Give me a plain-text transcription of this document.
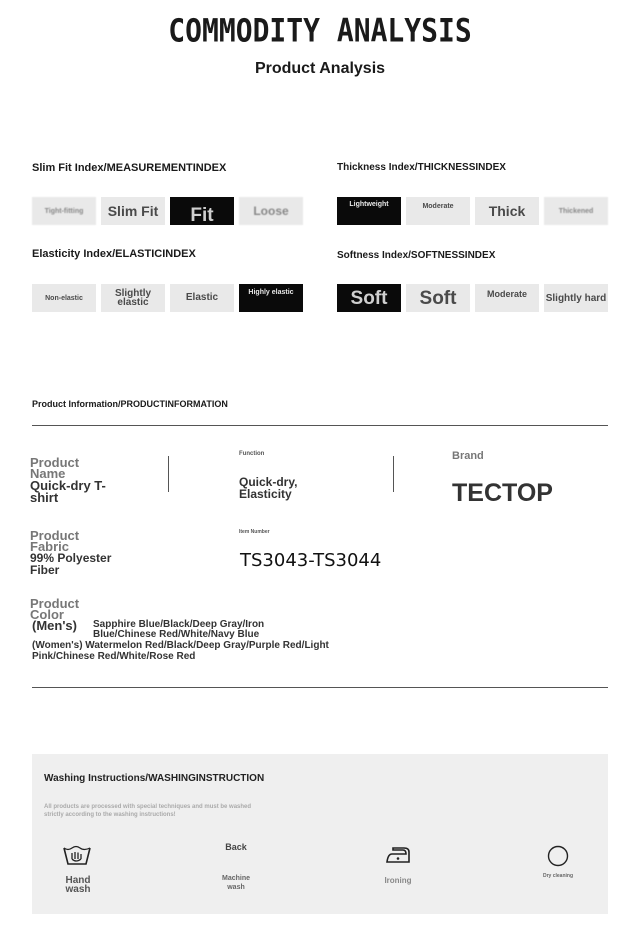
COMMODITY ANALYSIS
Product Analysis
Slim Fit Index/MEASUREMENTINDEX
Tight-fitting	Slim Fit	Fit	Loose
Thickness Index/THICKNESSINDEX
Lightweight	Moderate	Thick	Thickened
Elasticity Index/ELASTICINDEX
Non-elastic	Slightly elastic	Elastic	Highly elastic
Softness Index/SOFTNESSINDEX
Soft	Soft	Moderate	Slightly hard
Product Information/PRODUCTINFORMATION
Product Name
Quick-dry T-shirt
Function
Quick-dry, Elasticity
Brand
TECTOP
Product Fabric
99% Polyester Fiber
Item Number
TS3043-TS3044
Product Color
(Men's) Sapphire Blue/Black/Deep Gray/Iron Blue/Chinese Red/White/Navy Blue
(Women's) Watermelon Red/Black/Deep Gray/Purple Red/Light Pink/Chinese Red/White/Rose Red
Washing Instructions/WASHINGINSTRUCTION
All products are processed with special techniques and must be washed strictly according to the washing instructions!
Hand wash
Back
Machine wash
Ironing	Dry cleaning
